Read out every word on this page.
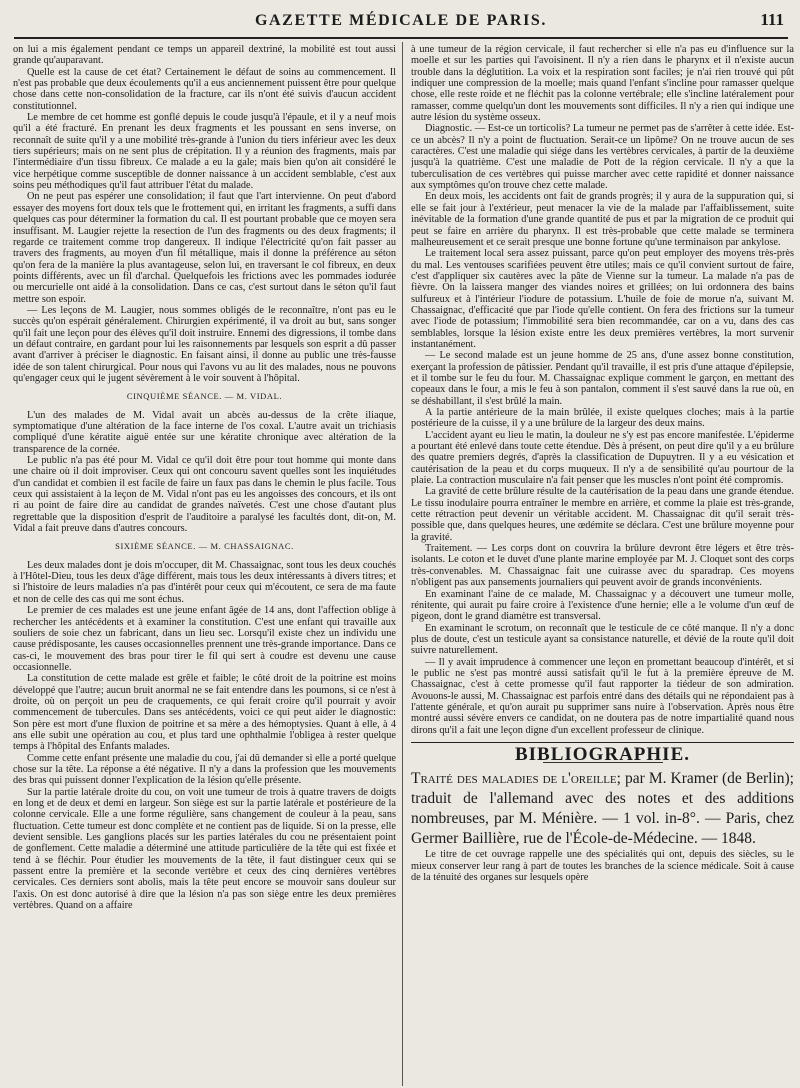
GAZETTE MÉDICALE DE PARIS.	111

on lui a mis également pendant ce temps un appareil dextriné, la mobilité est tout aussi grande qu'auparavant.

Quelle est la cause de cet état? Certainement le défaut de soins au commencement. Il n'est pas probable que deux écoulements qu'il a eus anciennement puissent être pour quelque chose dans cette non-consolidation de la fracture, car ils n'ont été suivis d'aucun accident constitutionnel.

Le membre de cet homme est gonflé depuis le coude jusqu'à l'épaule, et il y a neuf mois qu'il a été fracturé. En prenant les deux fragments et les poussant en sens inverse, on reconnaît de suite qu'il y a une mobilité très-grande à l'union du tiers inférieur avec les deux tiers supérieurs; mais on ne sent plus de crépitation. Il y a réunion des fragments, mais par l'intermédiaire d'un tissu fibreux. Ce malade a eu la gale; mais bien qu'on ait considéré le vice herpétique comme susceptible de donner naissance à un accident semblable, c'est aux soins peu méthodiques qu'il faut attribuer l'état du malade.

On ne peut pas espérer une consolidation; il faut que l'art intervienne. On peut d'abord essayer des moyens fort doux tels que le frottement qui, en irritant les fragments, a suffi dans quelques cas pour déterminer la formation du cal. Il est pourtant probable que ce moyen sera insuffisant. M. Laugier rejette la resection de l'un des fragments ou des deux fragments; il regarde ce traitement comme trop dangereux. Il indique l'électricité qu'on fait passer au travers des fragments, au moyen d'un fil métallique, mais il donne la préférence au séton qu'on fera de la manière la plus avantageuse, selon lui, en traversant le col fibreux, en deux points différents, avec un fil d'archal. Quelquefois les frictions avec les pommades iodurée ou mercurielle ont aidé à la consolidation. Dans ce cas, c'est surtout dans le séton qu'il faut mettre son espoir.

— Les leçons de M. Laugier, nous sommes obligés de le reconnaître, n'ont pas eu le succès qu'on espérait généralement. Chirurgien expérimenté, il va droit au but, sans songer qu'il fait une leçon pour des élèves qu'il doit instruire. Ennemi des digressions, il tombe dans un défaut contraire, en gardant pour lui les raisonnements par lesquels son esprit a dû passer avant d'arriver à préciser le diagnostic. En faisant ainsi, il donne au public une très-fausse idée de son talent chirurgical. Pour nous qui l'avons vu au lit des malades, nous ne pouvons qu'engager ceux qui le jugent sévèrement à le voir souvent à l'hôpital.

CINQUIÈME SÉANCE. — M. VIDAL.

L'un des malades de M. Vidal avait un abcès au-dessus de la crête iliaque, symptomatique d'une altération de la face interne de l'os coxal. L'autre avait un trichiasis compliqué d'une kératite aiguë entée sur une kératite chronique avec altération de la transparence de la cornée.

Le public n'a pas été pour M. Vidal ce qu'il doit être pour tout homme qui monte dans une chaire où il doit improviser. Ceux qui ont concouru savent quelles sont les inquiétudes d'un candidat et combien il est facile de faire un faux pas dans le chemin le plus facile. Tous ceux qui assistaient à la leçon de M. Vidal n'ont pas eu les angoisses des concours, et ils ont ri au point de faire dire au candidat de grandes naïvetés. C'est une chose d'autant plus regrettable que la disposition d'esprit de l'auditoire a paralysé les facultés dont, dit-on, M. Vidal a fait preuve dans d'autres concours.

SIXIÈME SÉANCE. — M. CHASSAIGNAC.

Les deux malades dont je dois m'occuper, dit M. Chassaignac, sont tous les deux couchés à l'Hôtel-Dieu, tous les deux d'âge différent, mais tous les deux intéressants à divers titres; et si l'histoire de leurs maladies n'a pas d'intérêt pour ceux qui m'écoutent, ce sera de ma faute et non de celle des cas qui me sont échus.

Le premier de ces malades est une jeune enfant âgée de 14 ans, dont l'affection oblige à rechercher les antécédents et à examiner la constitution. C'est une enfant qui travaille aux souliers de soie chez un fabricant, dans un lieu sec. Lorsqu'il existe chez un individu une cause prédisposante, les causes occasionnelles prennent une très-grande importance. Dans ce cas-ci, le mouvement des bras pour tirer le fil qui sert à coudre est devenu une cause occasionnelle.

La constitution de cette malade est grêle et faible; le côté droit de la poitrine est moins développé que l'autre; aucun bruit anormal ne se fait entendre dans les poumons, si ce n'est à droite, où on perçoit un peu de craquements, ce qui ferait croire qu'il pourrait y avoir commencement de tubercules. Dans ses antécédents, voici ce qui peut aider le diagnostic: Son père est mort d'une fluxion de poitrine et sa mère a des hémoptysies. Quant à elle, à 4 ans elle subit une opération au cou, et plus tard une ophthalmie l'obligea à rester quelque temps à l'hôpital des Enfants malades.

Comme cette enfant présente une maladie du cou, j'ai dû demander si elle a porté quelque chose sur la tête. La réponse a été négative. Il n'y a dans la profession que les mouvements des bras qui puissent donner l'explication de la lésion qu'elle présente.

Sur la partie latérale droite du cou, on voit une tumeur de trois à quatre travers de doigts en long et de deux et demi en largeur. Son siège est sur la partie latérale et postérieure de la colonne cervicale. Elle a une forme régulière, sans changement de couleur à la peau, sans fluctuation. Cette tumeur est donc complète et ne contient pas de liquide. Si on la presse, elle devient sensible. Les ganglions placés sur les parties latérales du cou ne présentaient point de gonflement. Cette maladie a déterminé une attitude particulière de la tête qui est fixée et tend à se fléchir. Pour étudier les mouvements de la tête, il faut distinguer ceux qui se passent entre la première et la seconde vertèbre et ceux des cinq dernières vertèbres cervicales. Ces derniers sont abolis, mais la tête peut encore se mouvoir sans douleur sur l'axis. On est donc autorisé à dire que la lésion n'a pas son siège entre les deux premières vertèbres. Quand on a affaire

à une tumeur de la région cervicale, il faut rechercher si elle n'a pas eu d'influence sur la moelle et sur les parties qui l'avoisinent. Il n'y a rien dans le pharynx et il n'existe aucun trouble dans la déglutition. La voix et la respiration sont faciles; je n'ai rien trouvé qui pût indiquer une compression de la moelle; mais quand l'enfant s'incline pour ramasser quelque chose, elle reste roide et ne fléchit pas la colonne vertébrale; elle s'incline latéralement pour ramasser, comme quelqu'un dont les mouvements sont difficiles. Il n'y a rien qui indique une autre lésion du système osseux.

Diagnostic. — Est-ce un torticolis? La tumeur ne permet pas de s'arrêter à cette idée. Est-ce un abcès? Il n'y a point de fluctuation. Serait-ce un lipôme? On ne trouve aucun de ses caractères. C'est une maladie qui siége dans les vertèbres cervicales, à partir de la deuxième jusqu'à la quatrième. C'est une maladie de Pott de la région cervicale. Il n'y a que la tuberculisation de ces vertèbres qui puisse marcher avec cette rapidité et donner naissance aux symptômes qu'on trouve chez cette malade.

En deux mois, les accidents ont fait de grands progrès; il y aura de la suppuration qui, si elle se fait jour à l'extérieur, peut menacer la vie de la malade par l'affaiblissement, suite inévitable de la formation d'une grande quantité de pus et par la migration de ce produit qui peut se faire en arrière du pharynx. Il est très-probable que cette malade se terminera malheureusement et ce serait presque une bonne fortune qu'une terminaison par ankylose.

Le traitement local sera assez puissant, parce qu'on peut employer des moyens très-près du mal. Les ventouses scarifiées peuvent être utiles; mais ce qu'il convient surtout de faire, c'est d'appliquer six cautères avec la pâte de Vienne sur la tumeur. La malade n'a pas de fièvre. On la laissera manger des viandes noires et grillées; on lui ordonnera des bains sulfureux et à l'intérieur l'iodure de potassium. L'huile de foie de morue n'a, suivant M. Chassaignac, d'efficacité que par l'iode qu'elle contient. On fera des frictions sur la tumeur avec l'iode de potassium; l'immobilité sera bien recommandée, car on a vu, dans des cas semblables, lorsque la lésion existe entre les deux premières vertèbres, la mort survenir instantanément.

— Le second malade est un jeune homme de 25 ans, d'une assez bonne constitution, exerçant la profession de pâtissier. Pendant qu'il travaille, il est pris d'une attaque d'épilepsie, et il tombe sur le feu du four. M. Chassaignac explique comment le garçon, en mettant des copeaux dans le four, a mis le feu à son pantalon, comment il s'est sauvé dans la rue où, en se déshabillant, il s'est brûlé la main.

A la partie antérieure de la main brûlée, il existe quelques cloches; mais à la partie postérieure de la cuisse, il y a une brûlure de la largeur des deux mains.

L'accident ayant eu lieu le matin, la douleur ne s'y est pas encore manifestée. L'épiderme a pourtant été enlevé dans toute cette étendue. Dès à présent, on peut dire qu'il y a eu brûlure des quatre premiers degrés, d'après la classification de Dupuytren. Il y a eu vésication et cautérisation de la peau et du corps muqueux. Il n'y a de sensibilité qu'au pourtour de la plaie. La contraction musculaire n'a fait penser que les muscles n'ont point été compromis.

La gravité de cette brûlure résulte de la cautérisation de la peau dans une grande étendue. Le tissu inodulaire pourra entraîner le membre en arrière, et comme la plaie est très-grande, cette rétraction peut devenir un véritable accident. M. Chassaignac dit qu'il serait très-possible que, dans quelques heures, une œdémite se déclara. C'est une brûlure moyenne pour la gravité.

Traitement. — Les corps dont on couvrira la brûlure devront être légers et être très-isolants. Le coton et le duvet d'une plante marine employée par M. J. Cloquet sont des corps très-convenables. M. Chassaignac fait une cuirasse avec du sparadrap. Ces moyens n'obligent pas aux pansements journaliers qui peuvent avoir de grands inconvénients.

En examinant l'aine de ce malade, M. Chassaignac y a découvert une tumeur molle, rénitente, qui aurait pu faire croire à l'existence d'une hernie; elle a le volume d'un œuf de pigeon, dont le grand diamètre est transversal.

En examinant le scrotum, on reconnaît que le testicule de ce côté manque. Il n'y a donc plus de doute, c'est un testicule ayant sa consistance naturelle, et dévié de la route qu'il doit suivre naturellement.

— Il y avait imprudence à commencer une leçon en promettant beaucoup d'intérêt, et si le public ne s'est pas montré aussi satisfait qu'il le fut à la première épreuve de M. Chassaignac, c'est à cette promesse qu'il faut rapporter la tiédeur de son admiration. Avouons-le aussi, M. Chassaignac est parfois entré dans des détails qui ne répondaient pas à l'attente générale, et qu'on aurait pu supprimer sans nuire à l'observation. Après nous être montré aussi sévère envers ce candidat, on ne doutera pas de notre impartialité quand nous dirons qu'il a fait une leçon digne d'un excellent professeur de clinique.

BIBLIOGRAPHIE.

Traité des maladies de l'oreille; par M. Kramer (de Berlin); traduit de l'allemand avec des notes et des additions nombreuses, par M. Ménière. — 1 vol. in-8°. — Paris, chez Germer Baillière, rue de l'École-de-Médecine. — 1848.

Le titre de cet ouvrage rappelle une des spécialités qui ont, depuis des siècles, su le mieux conserver leur rang à part de toutes les branches de la science médicale. Soit à cause de la ténuité des organes sur lesquels opère
